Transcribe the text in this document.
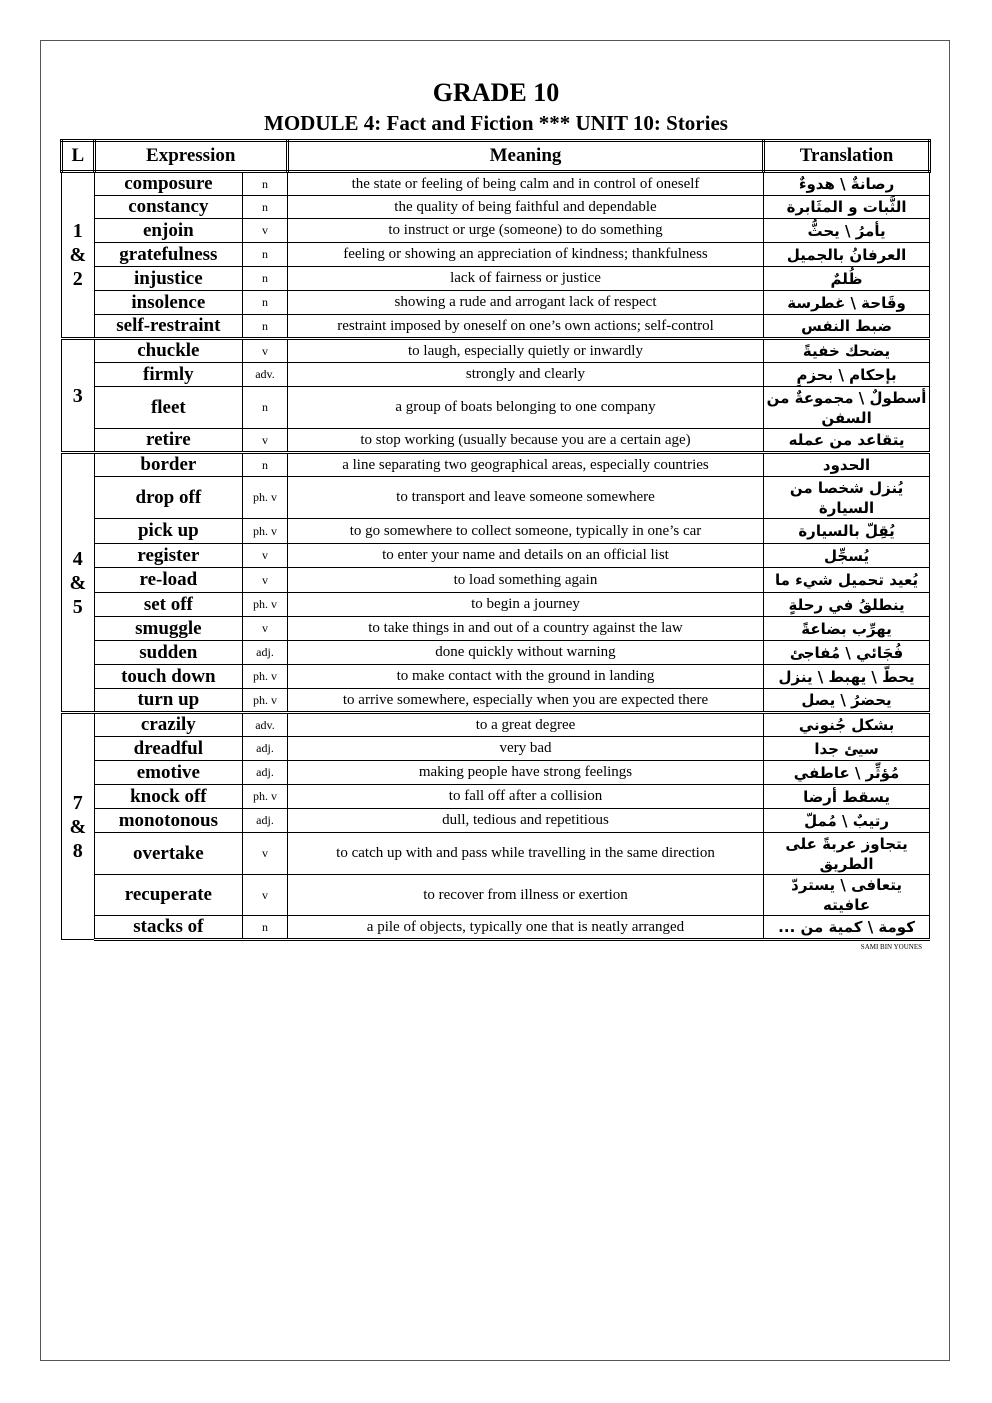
GRADE 10
MODULE 4: Fact and Fiction *** UNIT 10: Stories
L	Expression		Meaning	Translation

1
&
2	composure	n	the state or feeling of being calm and in control of oneself	رصانةٌ \ هدوءٌ
	constancy	n	the quality of being faithful and dependable	الثَّبات و المثَابرة
	enjoin	v	to instruct or urge (someone) to do something	يأمرُ \ يحثُّ
	gratefulness	n	feeling or showing an appreciation of kindness; thankfulness	العرفانُ بالجميل
	injustice	n	lack of fairness or justice	ظُلمٌ
	insolence	n	showing a rude and arrogant lack of respect	وقَاحة \ غطرسة
	self-restraint	n	restraint imposed by oneself on one’s own actions; self-control	ضبط النفس

3	chuckle	v	to laugh, especially quietly or inwardly	يضحك خفيةً
	firmly	adv.	strongly and clearly	بإحكام \ بحزمٍ
	fleet	n	a group of boats belonging to one company	أسطولٌ \ مجموعةٌ من السفن
	retire	v	to stop working (usually because you are a certain age)	يتقاعد من عمله

4
&
5	border	n	a line separating two geographical areas, especially countries	الحدود
	drop off	ph. v	to transport and leave someone somewhere	يُنزل شخصا من السيارة
	pick up	ph. v	to go somewhere to collect someone, typically in one’s car	يُقِلّ بالسيارة
	register	v	to enter your name and details on an official list	يُسجِّل
	re-load	v	to load something again	يُعيد تحميل شيء ما
	set off	ph. v	to begin a journey	ينطلقُ في رحلةٍ
	smuggle	v	to take things in and out of a country against the law	يهرِّب بضاعةً
	sudden	adj.	done quickly without warning	فُجَائي \ مُفاجئ
	touch down	ph. v	to make contact with the ground in landing	يحطّ \ يهبط \ ينزل
	turn up	ph. v	to arrive somewhere, especially when you are expected there	يحضرُ \ يصل

7
&
8	crazily	adv.	to a great degree	بشكل جُنوني
	dreadful	adj.	very bad	سيئ جدا
	emotive	adj.	making people have strong feelings	مُؤثِّر \ عاطفي
	knock off	ph. v	to fall off after a collision	يسقط أرضا
	monotonous	adj.	dull, tedious and repetitious	رتيبٌ \ مُملّ
	overtake	v	to catch up with and pass while travelling in the same direction	يتجاوز عربةً على الطريق
	recuperate	v	to recover from illness or exertion	يتعافى \ يستردّ عافيته
	stacks of	n	a pile of objects, typically one that is neatly arranged	كومة \ كمية من ...
SAMI BIN YOUNES
